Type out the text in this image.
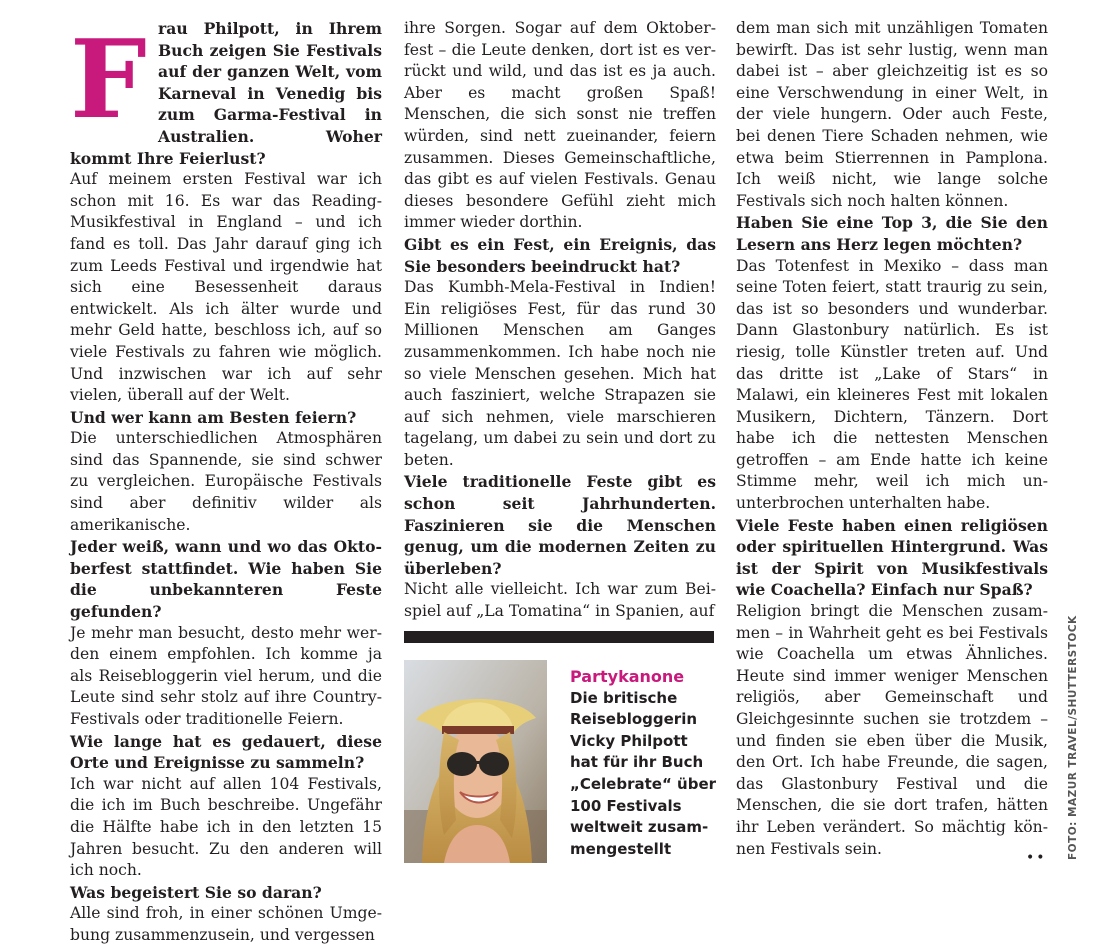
F rau Philpott, in Ihrem Buch zeigen Sie Festivals auf der ganzen Welt, vom Karneval in Venedig bis zum Garma-Festival in Australien. Woher kommt Ihre Feierlust?

Auf meinem ersten Festival war ich schon mit 16. Es war das Reading-Musikfestival in England – und ich fand es toll. Das Jahr darauf ging ich zum Leeds Festival und irgendwie hat sich eine Besessenheit daraus entwickelt. Als ich älter wurde und mehr Geld hatte, beschloss ich, auf so viele Festivals zu fahren wie möglich. Und inzwischen war ich auf sehr vielen, überall auf der Welt.

Und wer kann am Besten feiern?

Die unterschiedlichen Atmosphären sind das Spannende, sie sind schwer zu vergleichen. Europäische Festivals sind aber definitiv wilder als amerikanische.

Jeder weiß, wann und wo das Oktoberfest stattfindet. Wie haben Sie die unbekannteren Feste gefunden?

Je mehr man besucht, desto mehr werden einem empfohlen. Ich komme ja als Reisebloggerin viel herum, und die Leute sind sehr stolz auf ihre Country-Festivals oder traditionelle Feiern.

Wie lange hat es gedauert, diese Orte und Ereignisse zu sammeln?

Ich war nicht auf allen 104 Festivals, die ich im Buch beschreibe. Ungefähr die Hälfte habe ich in den letzten 15 Jahren besucht. Zu den anderen will ich noch.

Was begeistert Sie so daran?

Alle sind froh, in einer schönen Umgebung zusammenzusein, und vergessen

ihre Sorgen. Sogar auf dem Oktoberfest – die Leute denken, dort ist es verrückt und wild, und das ist es ja auch. Aber es macht großen Spaß! Menschen, die sich sonst nie treffen würden, sind nett zueinander, feiern zusammen. Dieses Gemeinschaftliche, das gibt es auf vielen Festivals. Genau dieses besondere Gefühl zieht mich immer wieder dorthin.

Gibt es ein Fest, ein Ereignis, das Sie besonders beeindruckt hat?

Das Kumbh-Mela-Festival in Indien! Ein religiöses Fest, für das rund 30 Millionen Menschen am Ganges zusammenkommen. Ich habe noch nie so viele Menschen gesehen. Mich hat auch fasziniert, welche Strapazen sie auf sich nehmen, viele marschieren tagelang, um dabei zu sein und dort zu beten.

Viele traditionelle Feste gibt es schon seit Jahrhunderten. Faszinieren sie die Menschen genug, um die modernen Zeiten zu überleben?

Nicht alle vielleicht. Ich war zum Beispiel auf „La Tomatina“ in Spanien, auf

dem man sich mit unzähligen Tomaten bewirft. Das ist sehr lustig, wenn man dabei ist – aber gleichzeitig ist es so eine Verschwendung in einer Welt, in der viele hungern. Oder auch Feste, bei denen Tiere Schaden nehmen, wie etwa beim Stierrennen in Pamplona. Ich weiß nicht, wie lange solche Festivals sich noch halten können.

Haben Sie eine Top 3, die Sie den Lesern ans Herz legen möchten?

Das Totenfest in Mexiko – dass man seine Toten feiert, statt traurig zu sein, das ist so besonders und wunderbar. Dann Glastonbury natürlich. Es ist riesig, tolle Künstler treten auf. Und das dritte ist „Lake of Stars“ in Malawi, ein kleineres Fest mit lokalen Musikern, Dichtern, Tänzern. Dort habe ich die nettesten Menschen getroffen – am Ende hatte ich keine Stimme mehr, weil ich mich ununterbrochen unterhalten habe.

Viele Feste haben einen religiösen oder spirituellen Hintergrund. Was ist der Spirit von Musikfestivals wie Coachella? Einfach nur Spaß?

Religion bringt die Menschen zusammen – in Wahrheit geht es bei Festivals wie Coachella um etwas Ähnliches. Heute sind immer weniger Menschen religiös, aber Gemeinschaft und Gleichgesinnte suchen sie trotzdem – und finden sie eben über die Musik, den Ort. Ich habe Freunde, die sagen, das Glastonbury Festival und die Menschen, die sie dort trafen, hätten ihr Leben verändert. So mächtig können Festivals sein.

Partykanone
Die britische Reisebloggerin Vicky Philpott hat für ihr Buch „Celebrate“ über 100 Festivals weltweit zusammengestellt
•• FOTO: MAZUR TRAVEL/SHUTTERSTOCK
